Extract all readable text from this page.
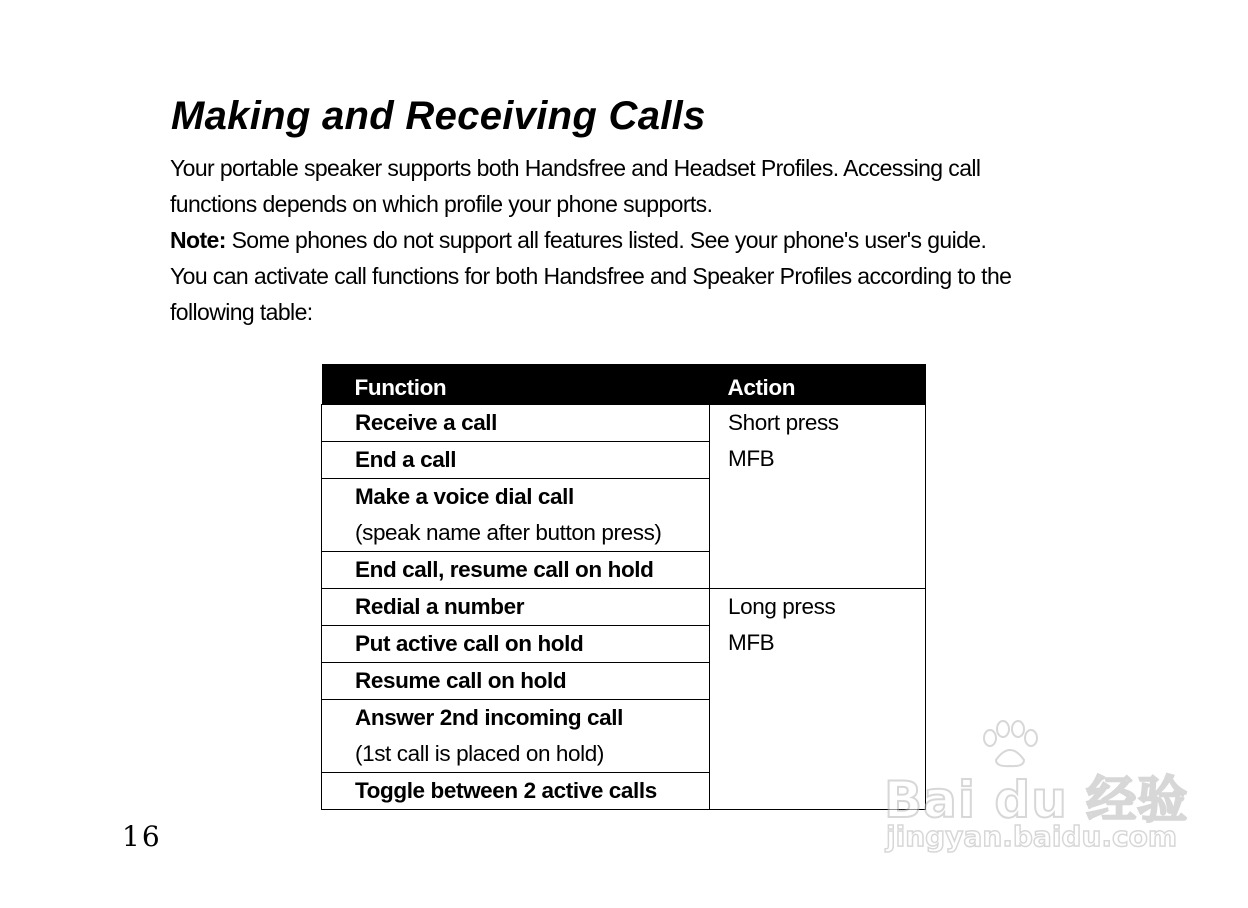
Making and Receiving Calls

Your portable speaker supports both Handsfree and Headset Profiles. Accessing call functions depends on which profile your phone supports.

Note: Some phones do not support all features listed. See your phone's user's guide.

You can activate call functions for both Handsfree and Speaker Profiles according to the following table:

Function	Action

Receive a call	Short press
MFB

End a call	

Make a voice dial call
(speak name after button press)	

End call, resume call on hold	

Redial a number	Long press
MFB

Put active call on hold	

Resume call on hold	

Answer 2nd incoming call
(1st call is placed on hold)	

Toggle between 2 active calls	
16
Bai du 经验
jingyan.baidu.com
